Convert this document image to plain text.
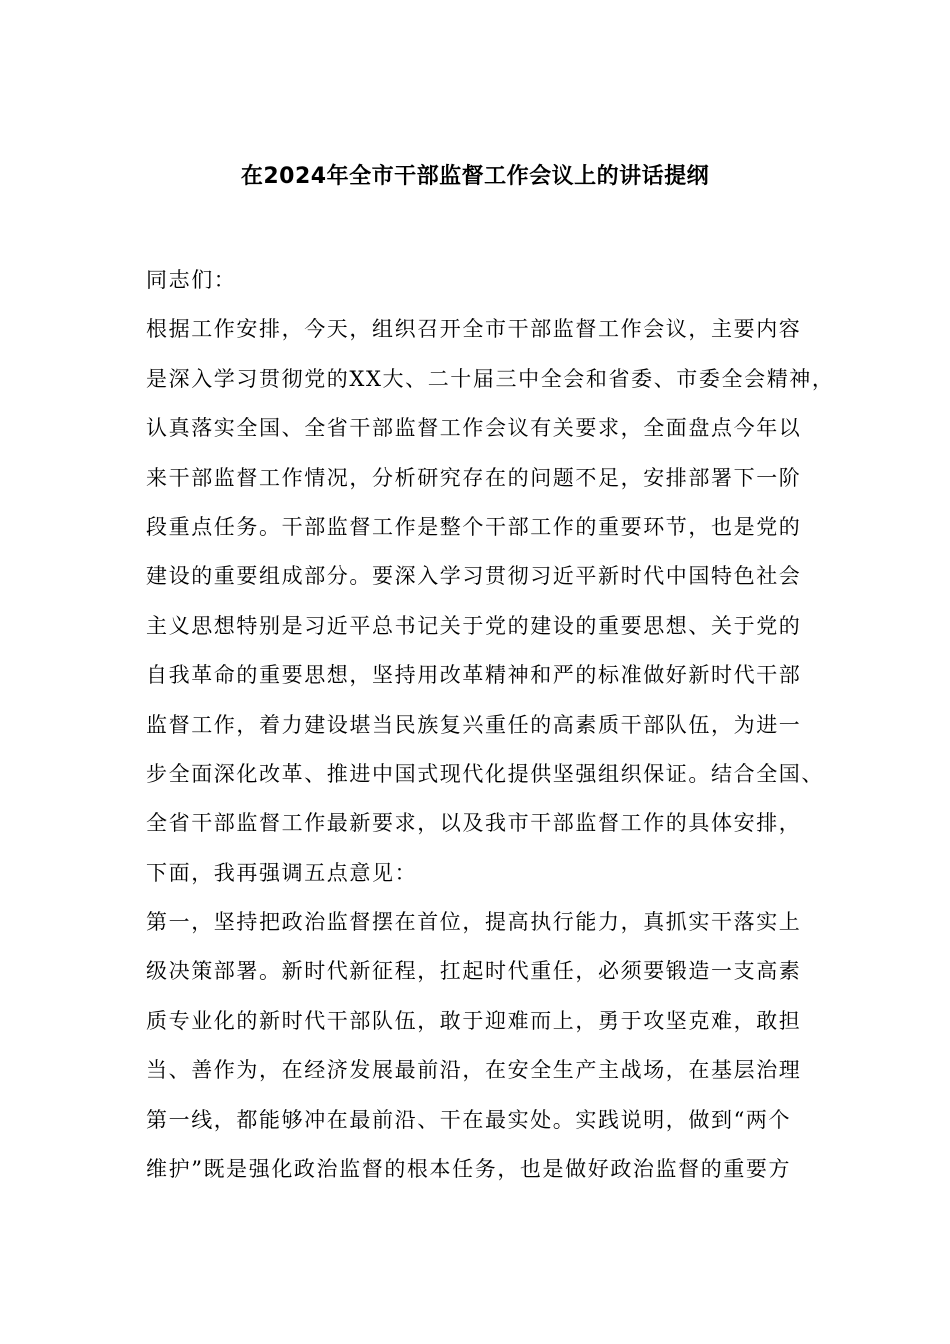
在2024年全市干部监督工作会议上的讲话提纲
同志们：
根据工作安排，今天，组织召开全市干部监督工作会议，主要内容
是深入学习贯彻党的XX大、二十届三中全会和省委、市委全会精神，
认真落实全国、全省干部监督工作会议有关要求，全面盘点今年以
来干部监督工作情况，分析研究存在的问题不足，安排部署下一阶
段重点任务。干部监督工作是整个干部工作的重要环节，也是党的
建设的重要组成部分。要深入学习贯彻习近平新时代中国特色社会
主义思想特别是习近平总书记关于党的建设的重要思想、关于党的
自我革命的重要思想，坚持用改革精神和严的标准做好新时代干部
监督工作，着力建设堪当民族复兴重任的高素质干部队伍，为进一
步全面深化改革、推进中国式现代化提供坚强组织保证。结合全国、
全省干部监督工作最新要求，以及我市干部监督工作的具体安排，
下面，我再强调五点意见：
第一，坚持把政治监督摆在首位，提高执行能力，真抓实干落实上
级决策部署。新时代新征程，扛起时代重任，必须要锻造一支高素
质专业化的新时代干部队伍，敢于迎难而上，勇于攻坚克难，敢担
当、善作为，在经济发展最前沿，在安全生产主战场，在基层治理
第一线，都能够冲在最前沿、干在最实处。实践说明，做到“两个
维护”既是强化政治监督的根本任务，也是做好政治监督的重要方
